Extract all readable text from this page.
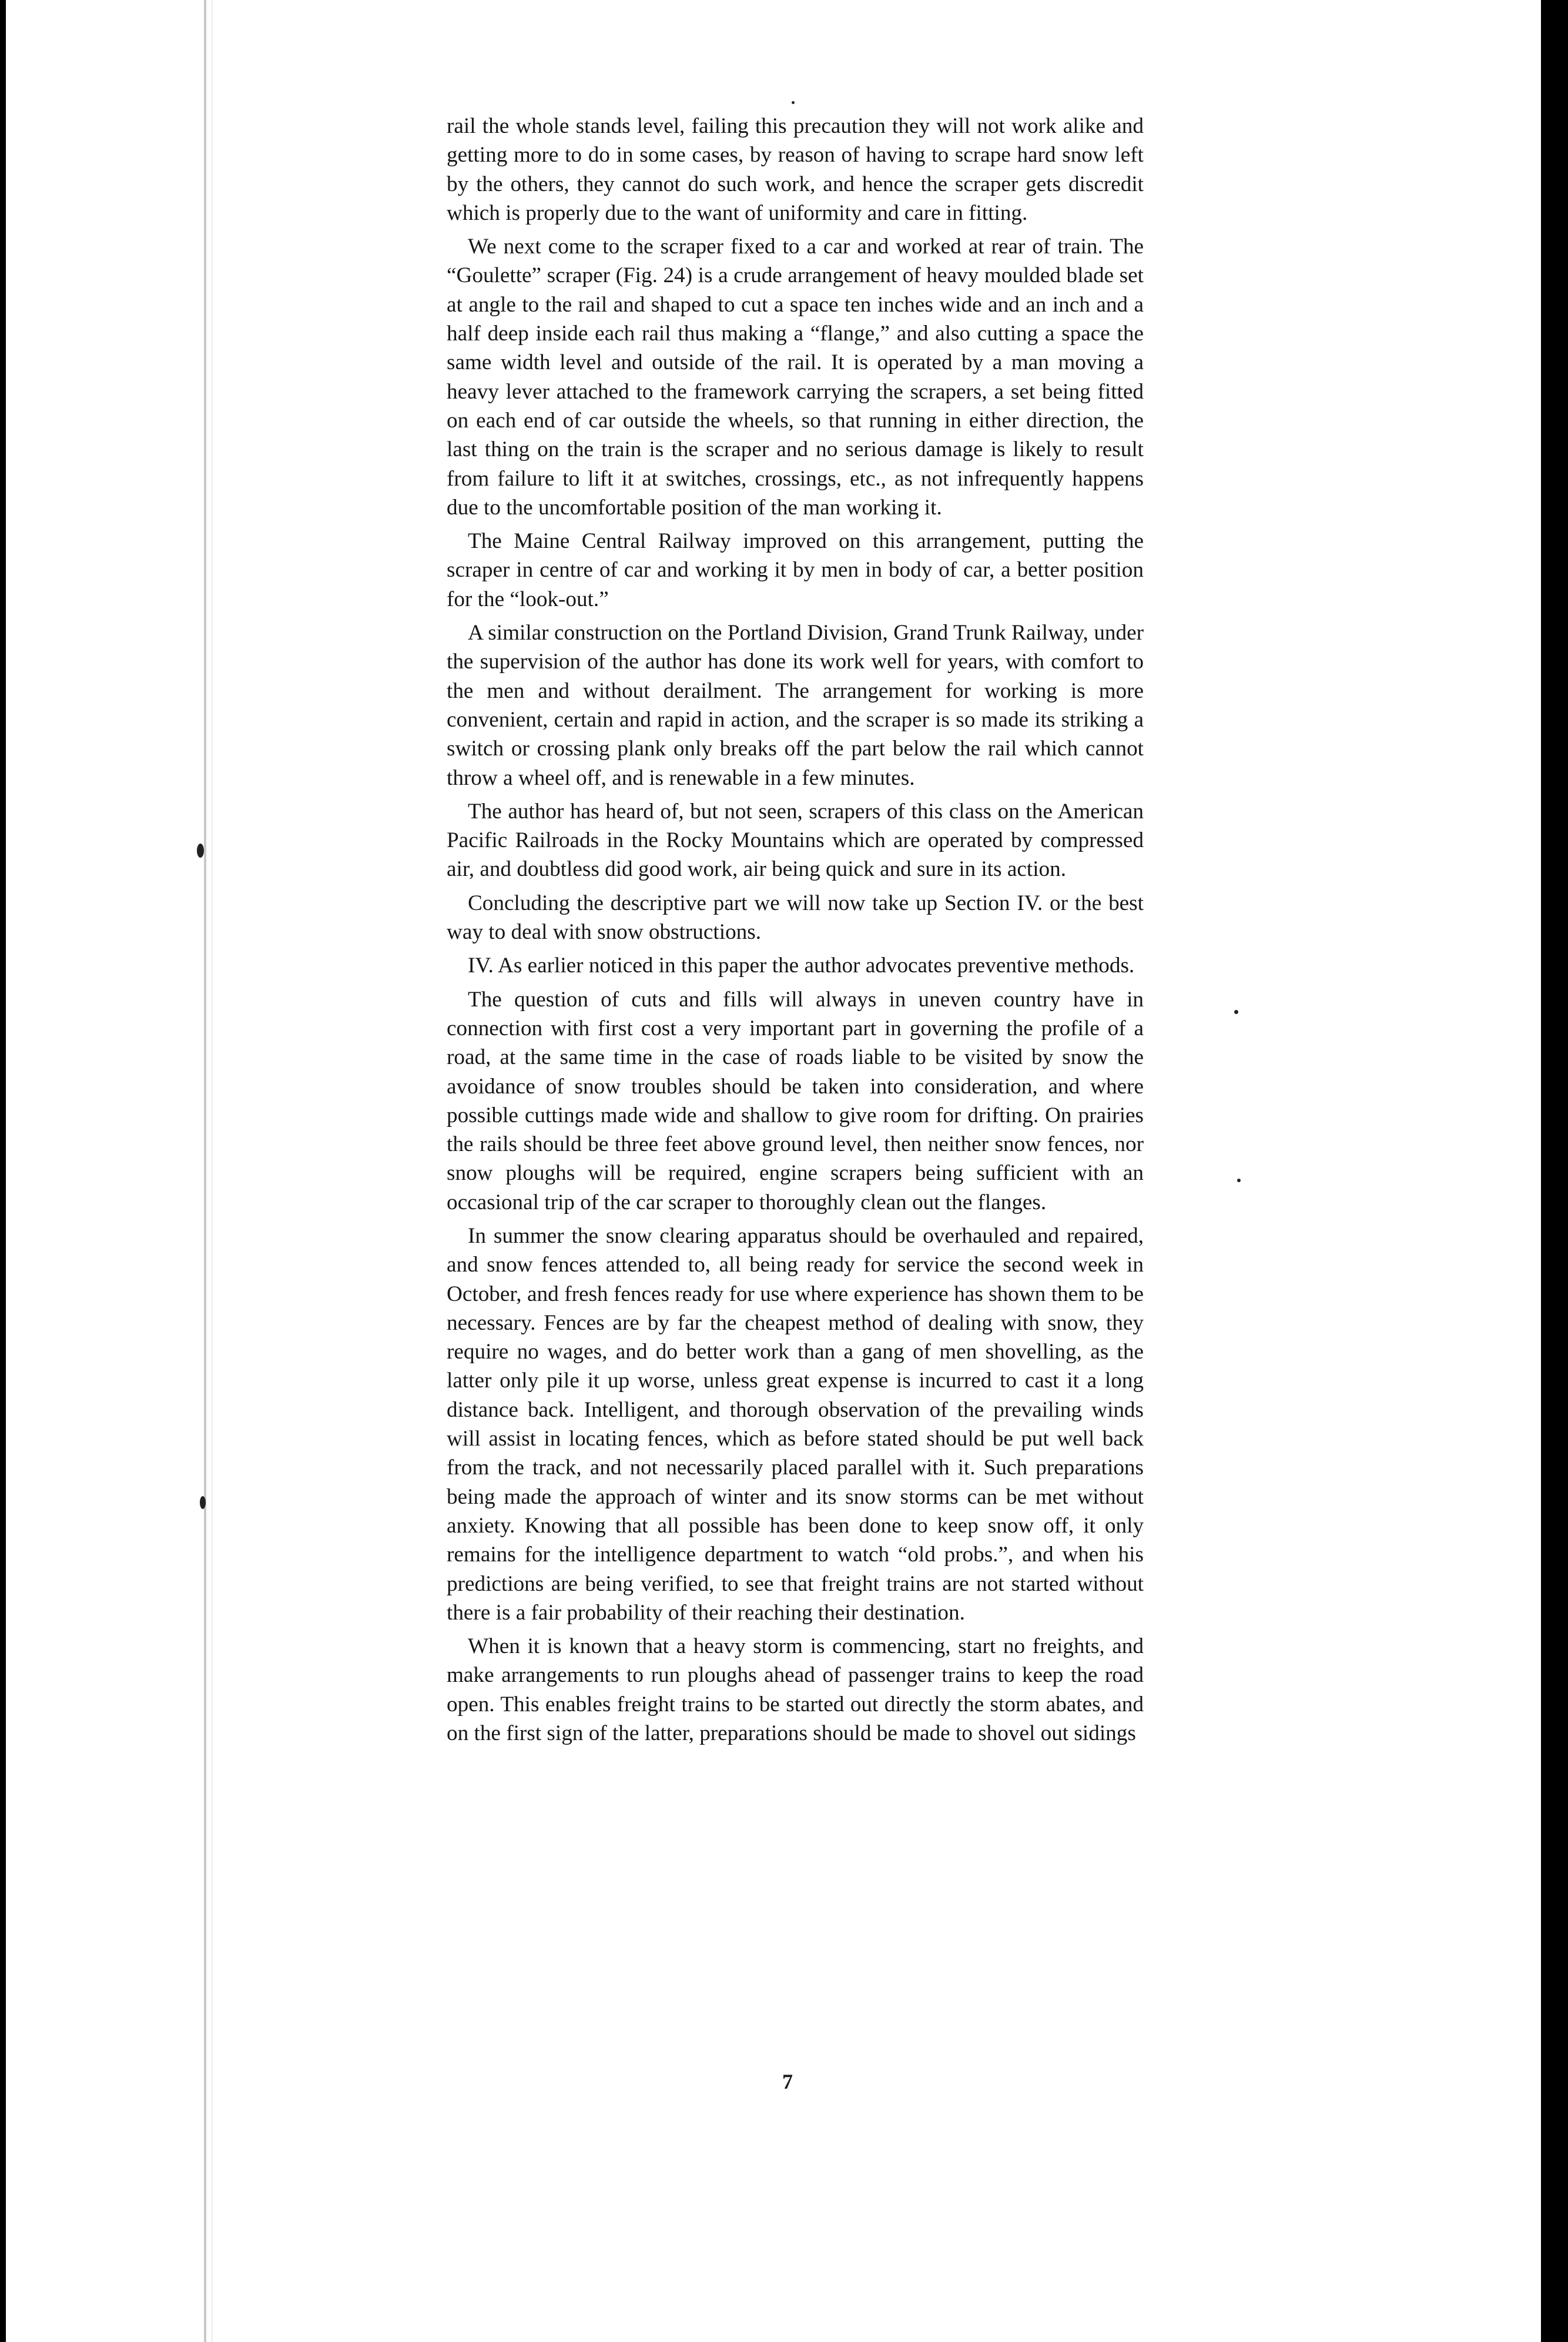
rail the whole stands level, failing this precaution they will not work alike and getting more to do in some cases, by reason of having to scrape hard snow left by the others, they cannot do such work, and hence the scraper gets discredit which is properly due to the want of uniformity and care in fitting.

We next come to the scraper fixed to a car and worked at rear of train. The “Goulette” scraper (Fig. 24) is a crude arrangement of heavy moulded blade set at angle to the rail and shaped to cut a space ten inches wide and an inch and a half deep inside each rail thus making a “flange,” and also cutting a space the same width level and outside of the rail. It is operated by a man moving a heavy lever attached to the framework carrying the scrapers, a set being fitted on each end of car outside the wheels, so that running in either direction, the last thing on the train is the scraper and no serious damage is likely to result from failure to lift it at switches, crossings, etc., as not infrequently happens due to the uncomfortable position of the man working it.

The Maine Central Railway improved on this arrangement, putting the scraper in centre of car and working it by men in body of car, a better position for the “look-out.”

A similar construction on the Portland Division, Grand Trunk Railway, under the supervision of the author has done its work well for years, with comfort to the men and without derailment. The arrangement for working is more convenient, certain and rapid in action, and the scraper is so made its striking a switch or crossing plank only breaks off the part below the rail which cannot throw a wheel off, and is renewable in a few minutes.

The author has heard of, but not seen, scrapers of this class on the American Pacific Railroads in the Rocky Mountains which are operated by compressed air, and doubtless did good work, air being quick and sure in its action.

Concluding the descriptive part we will now take up Section IV. or the best way to deal with snow obstructions.

IV. As earlier noticed in this paper the author advocates preventive methods.

The question of cuts and fills will always in uneven country have in connection with first cost a very important part in governing the profile of a road, at the same time in the case of roads liable to be visited by snow the avoidance of snow troubles should be taken into consideration, and where possible cuttings made wide and shallow to give room for drifting. On prairies the rails should be three feet above ground level, then neither snow fences, nor snow ploughs will be required, engine scrapers being sufficient with an occasional trip of the car scraper to thoroughly clean out the flanges.

In summer the snow clearing apparatus should be overhauled and repaired, and snow fences attended to, all being ready for service the second week in October, and fresh fences ready for use where experience has shown them to be necessary. Fences are by far the cheapest method of dealing with snow, they require no wages, and do better work than a gang of men shovelling, as the latter only pile it up worse, unless great expense is incurred to cast it a long distance back. Intelligent, and thorough observation of the prevailing winds will assist in locating fences, which as before stated should be put well back from the track, and not necessarily placed parallel with it. Such preparations being made the approach of winter and its snow storms can be met without anxiety. Knowing that all possible has been done to keep snow off, it only remains for the intelligence department to watch “old probs.”, and when his predictions are being verified, to see that freight trains are not started without there is a fair probability of their reaching their destination.

When it is known that a heavy storm is commencing, start no freights, and make arrangements to run ploughs ahead of passenger trains to keep the road open. This enables freight trains to be started out directly the storm abates, and on the first sign of the latter, preparations should be made to shovel out sidings

7
